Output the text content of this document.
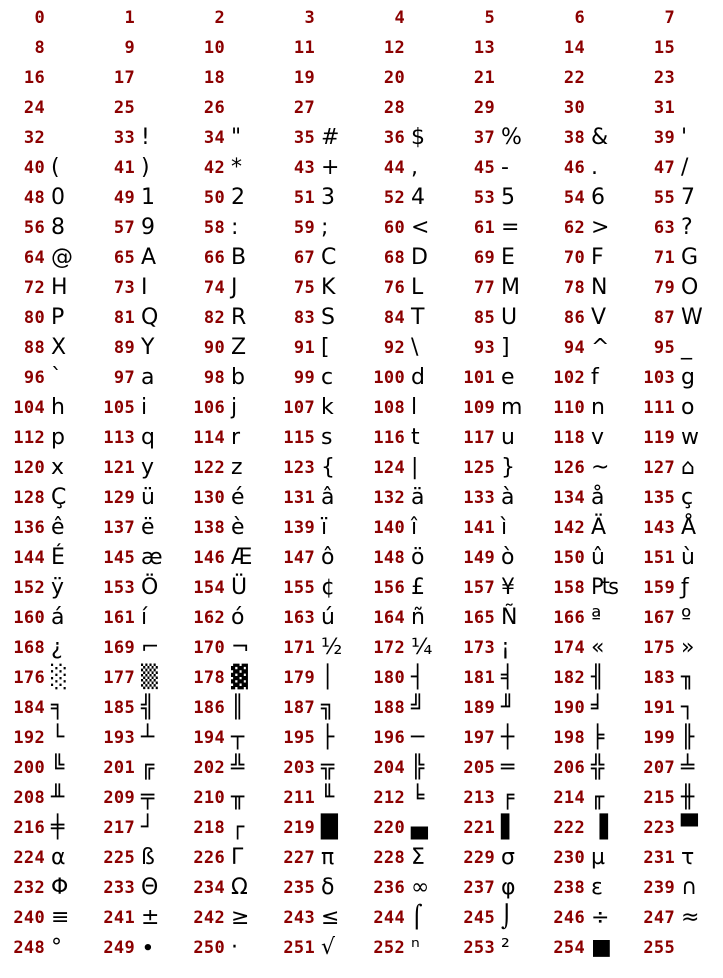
0	1	2	3	4	5	6	7
8	9	10	11	12	13	14	15
16	17	18	19	20	21	22	23
24	25	26	27	28	29	30	31
32	33 !	34 "	35 #	36 $	37 %	38 &	39 '
40 (	41 )	42 *	43 +	44 ,	45 -	46 .	47 /
48 0	49 1	50 2	51 3	52 4	53 5	54 6	55 7
56 8	57 9	58 :	59 ;	60 <	61 =	62 >	63 ?
64 @	65 A	66 B	67 C	68 D	69 E	70 F	71 G
72 H	73 I	74 J	75 K	76 L	77 M	78 N	79 O
80 P	81 Q	82 R	83 S	84 T	85 U	86 V	87 W
88 X	89 Y	90 Z	91 [	92 \	93 ]	94 ^	95 _
96 `	97 a	98 b	99 c	100 d	101 e	102 f	103 g
104 h	105 i	106 j	107 k	108 l	109 m	110 n	111 o
112 p	113 q	114 r	115 s	116 t	117 u	118 v	119 w
120 x	121 y	122 z	123 {	124 |	125 }	126 ~	127 ⌂
128 Ç	129 ü	130 é	131 â	132 ä	133 à	134 å	135 ç
136 ê	137 ë	138 è	139 ï	140 î	141 ì	142 Ä	143 Å
144 É	145 æ	146 Æ	147 ô	148 ö	149 ò	150 û	151 ù
152 ÿ	153 Ö	154 Ü	155 ¢	156 £	157 ¥	158 ₧	159 ƒ
160 á	161 í	162 ó	163 ú	164 ñ	165 Ñ	166 ª	167 º
168 ¿	169 ⌐	170 ¬	171 ½	172 ¼	173 ¡	174 «	175 »
176 ░	177 ▒	178 ▓	179 │	180 ┤	181 ╡	182 ╢	183 ╖
184 ╕	185 ╣	186 ║	187 ╗	188 ╝	189 ╜	190 ╛	191 ┐
192 └	193 ┴	194 ┬	195 ├	196 ─	197 ┼	198 ╞	199 ╟
200 ╚	201 ╔	202 ╩	203 ╦	204 ╠	205 ═	206 ╬	207 ╧
208 ╨	209 ╤	210 ╥	211 ╙	212 ╘	213 ╒	214 ╓	215 ╫
216 ╪	217 ┘	218 ┌	219 █	220 ▄	221 ▌	222 ▐	223 ▀
224 α	225 ß	226 Γ	227 π	228 Σ	229 σ	230 µ	231 τ
232 Φ	233 Θ	234 Ω	235 δ	236 ∞	237 φ	238 ε	239 ∩
240 ≡	241 ±	242 ≥	243 ≤	244 ⌠	245 ⌡	246 ÷	247 ≈
248 °	249 ∙	250 ·	251 √	252 ⁿ	253 ²	254 ■	255
